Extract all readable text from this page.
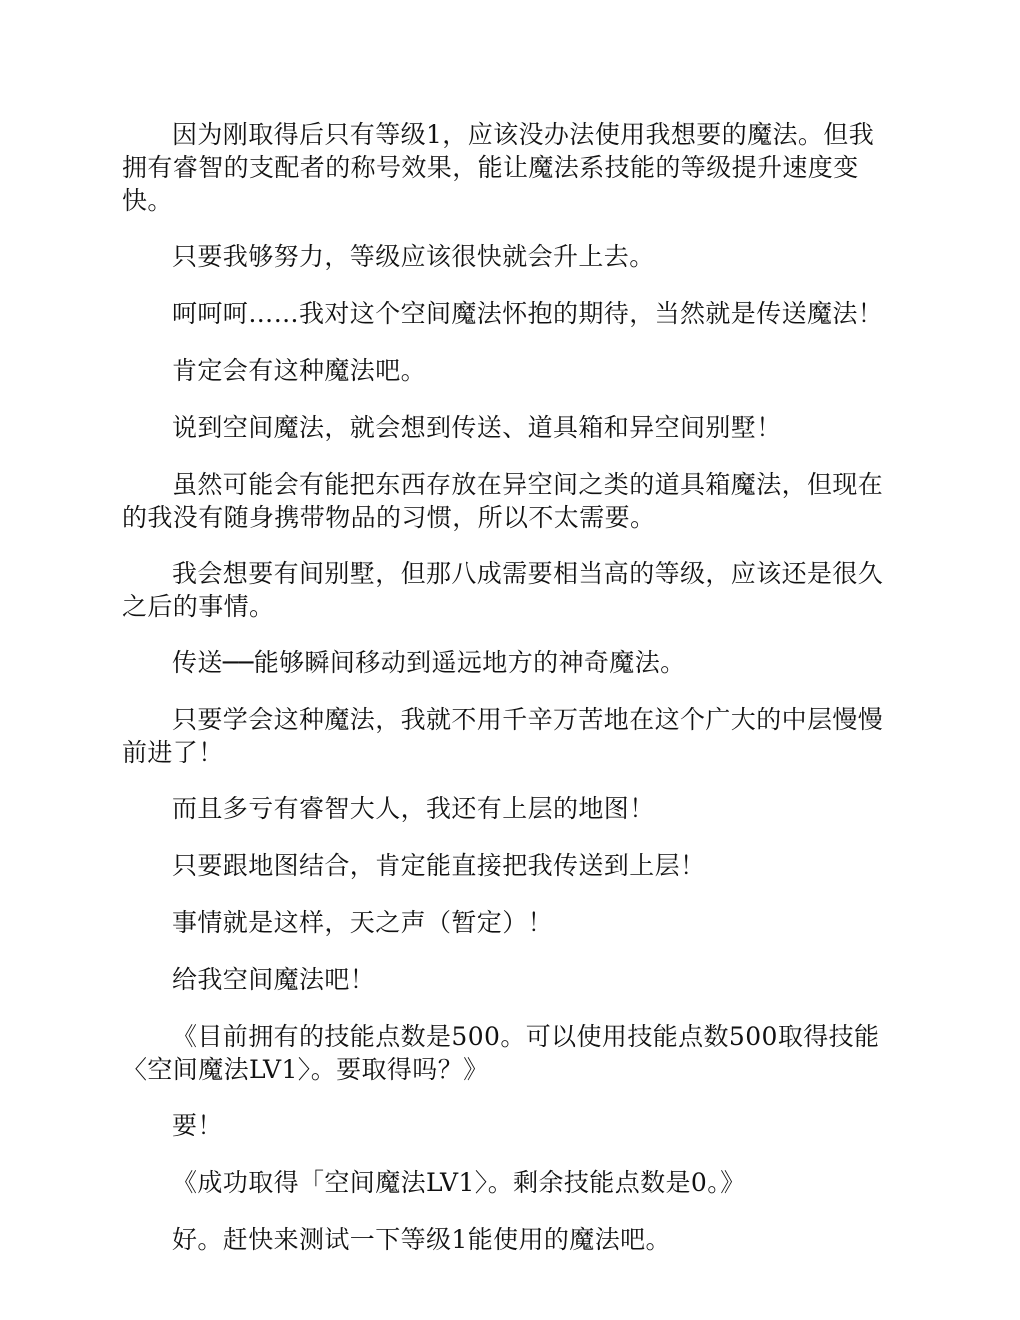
因为刚取得后只有等级1，应该没办法使用我想要的魔法。但我拥有睿智的支配者的称号效果，能让魔法系技能的等级提升速度变快。

只要我够努力，等级应该很快就会升上去。

呵呵呵……我对这个空间魔法怀抱的期待，当然就是传送魔法！

肯定会有这种魔法吧。

说到空间魔法，就会想到传送、道具箱和异空间别墅！

虽然可能会有能把东西存放在异空间之类的道具箱魔法，但现在的我没有随身携带物品的习惯，所以不太需要。

我会想要有间别墅，但那八成需要相当高的等级，应该还是很久之后的事情。

传送──能够瞬间移动到遥远地方的神奇魔法。

只要学会这种魔法，我就不用千辛万苦地在这个广大的中层慢慢前进了！

而且多亏有睿智大人，我还有上层的地图！

只要跟地图结合，肯定能直接把我传送到上层！

事情就是这样，天之声（暂定）！

给我空间魔法吧！

《目前拥有的技能点数是500。可以使用技能点数500取得技能〈空间魔法LV1〉。要取得吗？》

要！

《成功取得「空间魔法LV1〉。剩余技能点数是0。》

好。赶快来测试一下等级1能使用的魔法吧。
